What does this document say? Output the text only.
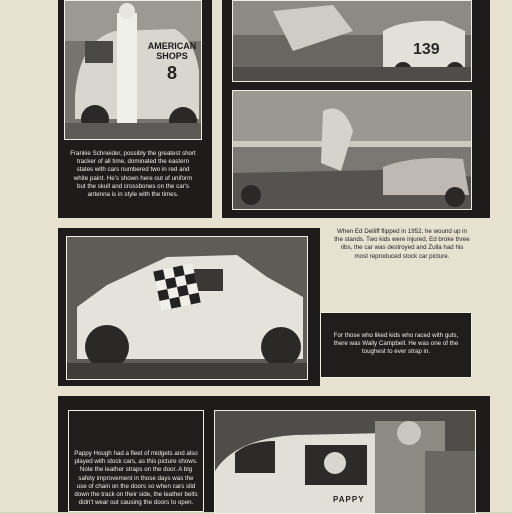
AMERICAN
SHOPS
8
Frankie Schneider, possibly the greatest short tracker of all time, dominated the eastern states with cars numbered two in red and white paint. He's shown here out of uniform but the skull and crossbones on the car's antenna is in style with the times.
139
When Ed Delliff flipped in 1952, he wound up in the stands. Two kids were injured, Ed broke three ribs, the car was destroyed and Zulla had his most reproduced stock car picture.
For those who liked kids who raced with guts, there was Wally Campbell. He was one of the toughest to ever strap in.
Pappy Hough had a fleet of midgets and also played with stock cars, as this picture shows. Note the leather straps on the door. A big safety improvement in those days was the use of chain on the doors so when cars slid down the track on their side, the leather belts didn't wear out causing the doors to open.	PAPPY
